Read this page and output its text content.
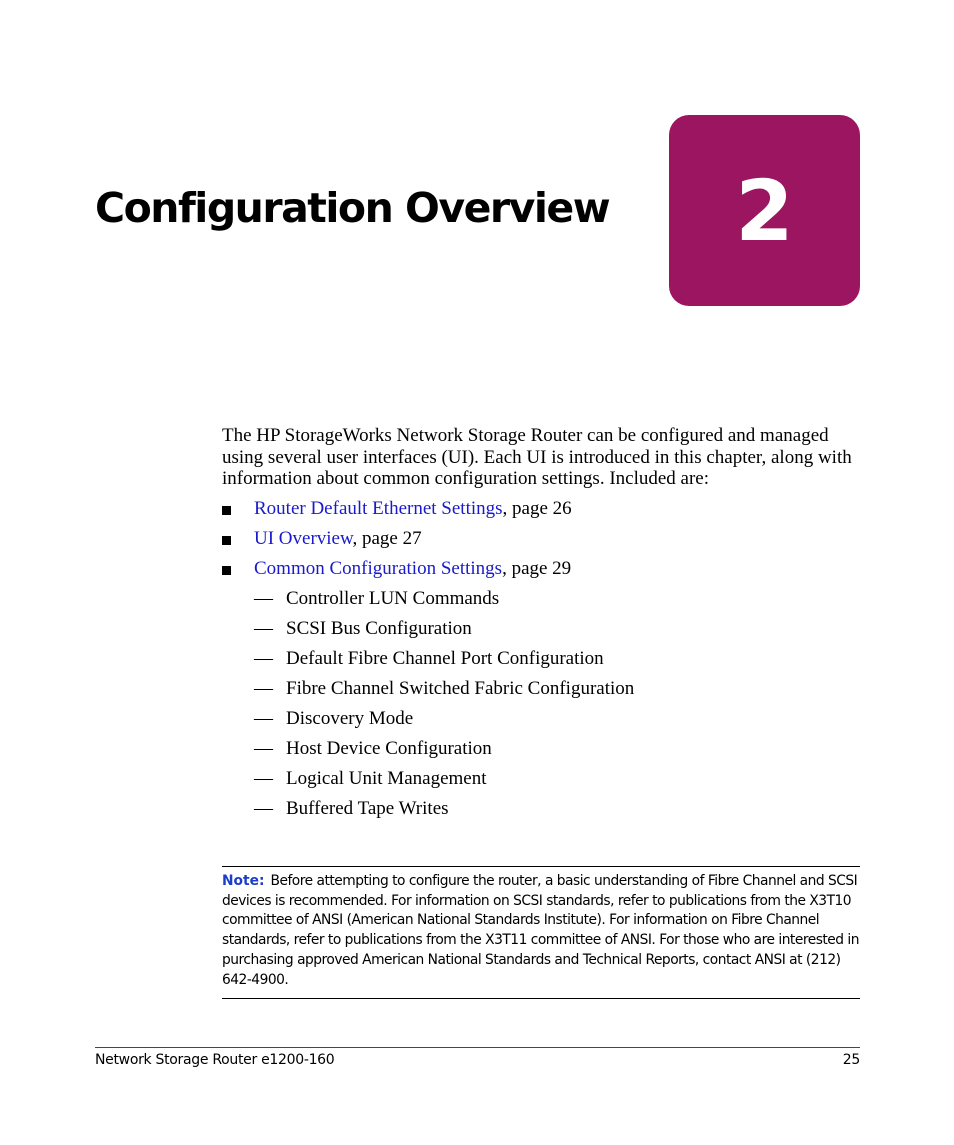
Configuration Overview 2

The HP StorageWorks Network Storage Router can be configured and managed using several user interfaces (UI). Each UI is introduced in this chapter, along with information about common configuration settings. Included are:

Router Default Ethernet Settings, page 26
UI Overview, page 27
Common Configuration Settings, page 29
— Controller LUN Commands
— SCSI Bus Configuration
— Default Fibre Channel Port Configuration
— Fibre Channel Switched Fabric Configuration
— Discovery Mode
— Host Device Configuration
— Logical Unit Management
— Buffered Tape Writes

Note: Before attempting to configure the router, a basic understanding of Fibre Channel and SCSI devices is recommended. For information on SCSI standards, refer to publications from the X3T10 committee of ANSI (American National Standards Institute). For information on Fibre Channel standards, refer to publications from the X3T11 committee of ANSI. For those who are interested in purchasing approved American National Standards and Technical Reports, contact ANSI at (212) 642-4900.

Network Storage Router e1200-160	25
